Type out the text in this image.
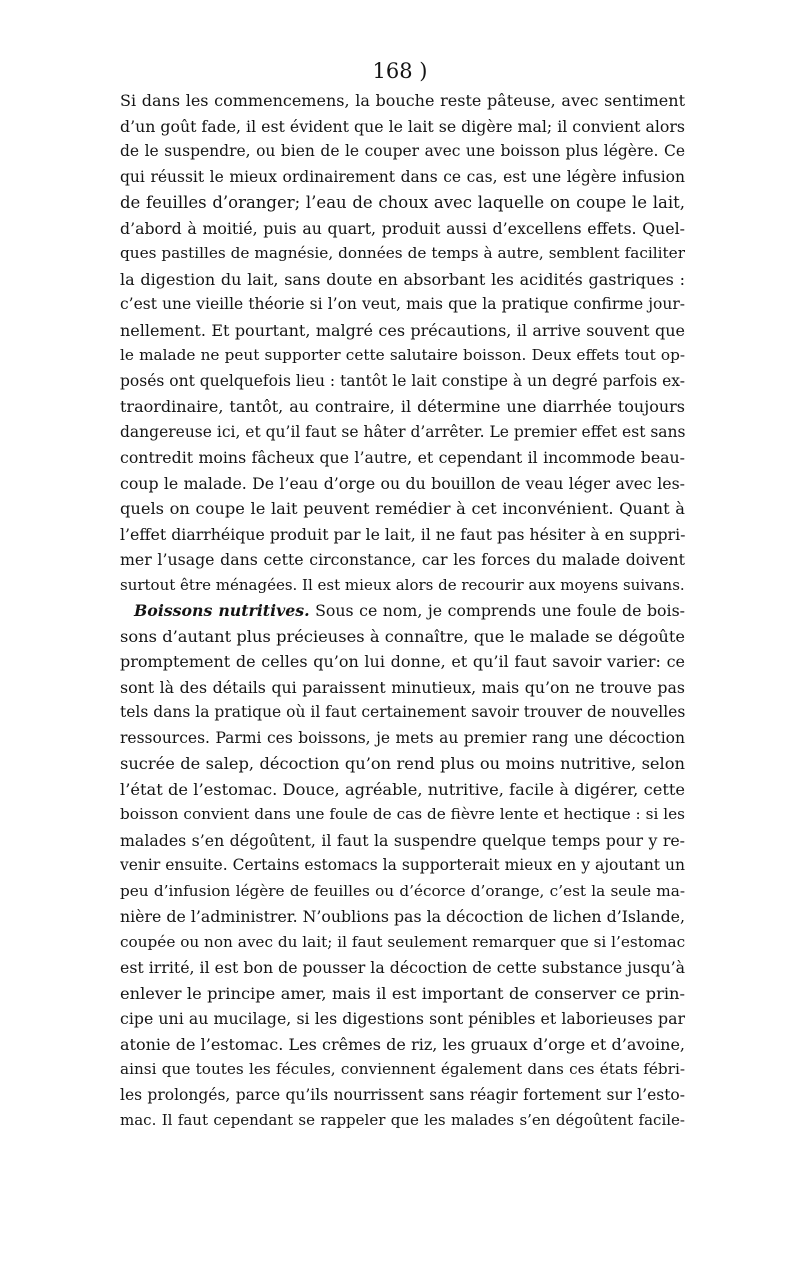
168 )
Si dans les commencemens, la bouche reste pâteuse, avec sentiment
d’un goût fade, il est évident que le lait se digère mal; il convient alors
de le suspendre, ou bien de le couper avec une boisson plus légère. Ce
qui réussit le mieux ordinairement dans ce cas, est une légère infusion
de feuilles d’oranger; l’eau de choux avec laquelle on coupe le lait,
d’abord à moitié, puis au quart, produit aussi d’excellens effets. Quel-
ques pastilles de magnésie, données de temps à autre, semblent faciliter
la digestion du lait, sans doute en absorbant les acidités gastriques :
c’est une vieille théorie si l’on veut, mais que la pratique confirme jour-
nellement. Et pourtant, malgré ces précautions, il arrive souvent que
le malade ne peut supporter cette salutaire boisson. Deux effets tout op-
posés ont quelquefois lieu : tantôt le lait constipe à un degré parfois ex-
traordinaire, tantôt, au contraire, il détermine une diarrhée toujours
dangereuse ici, et qu’il faut se hâter d’arrêter. Le premier effet est sans
contredit moins fâcheux que l’autre, et cependant il incommode beau-
coup le malade. De l’eau d’orge ou du bouillon de veau léger avec les-
quels on coupe le lait peuvent remédier à cet inconvénient. Quant à
l’effet diarrhéique produit par le lait, il ne faut pas hésiter à en suppri-
mer l’usage dans cette circonstance, car les forces du malade doivent
surtout être ménagées. Il est mieux alors de recourir aux moyens suivans.
Boissons nutritives. Sous ce nom, je comprends une foule de bois-
sons d’autant plus précieuses à connaître, que le malade se dégoûte
promptement de celles qu’on lui donne, et qu’il faut savoir varier: ce
sont là des détails qui paraissent minutieux, mais qu’on ne trouve pas
tels dans la pratique où il faut certainement savoir trouver de nouvelles
ressources. Parmi ces boissons, je mets au premier rang une décoction
sucrée de salep, décoction qu’on rend plus ou moins nutritive, selon
l’état de l’estomac. Douce, agréable, nutritive, facile à digérer, cette
boisson convient dans une foule de cas de fièvre lente et hectique : si les
malades s’en dégoûtent, il faut la suspendre quelque temps pour y re-
venir ensuite. Certains estomacs la supporterait mieux en y ajoutant un
peu d’infusion légère de feuilles ou d’écorce d’orange, c’est la seule ma-
nière de l’administrer. N’oublions pas la décoction de lichen d’Islande,
coupée ou non avec du lait; il faut seulement remarquer que si l’estomac
est irrité, il est bon de pousser la décoction de cette substance jusqu’à
enlever le principe amer, mais il est important de conserver ce prin-
cipe uni au mucilage, si les digestions sont pénibles et laborieuses par
atonie de l’estomac. Les crêmes de riz, les gruaux d’orge et d’avoine,
ainsi que toutes les fécules, conviennent également dans ces états fébri-
les prolongés, parce qu’ils nourrissent sans réagir fortement sur l’esto-
mac. Il faut cependant se rappeler que les malades s’en dégoûtent facile-
